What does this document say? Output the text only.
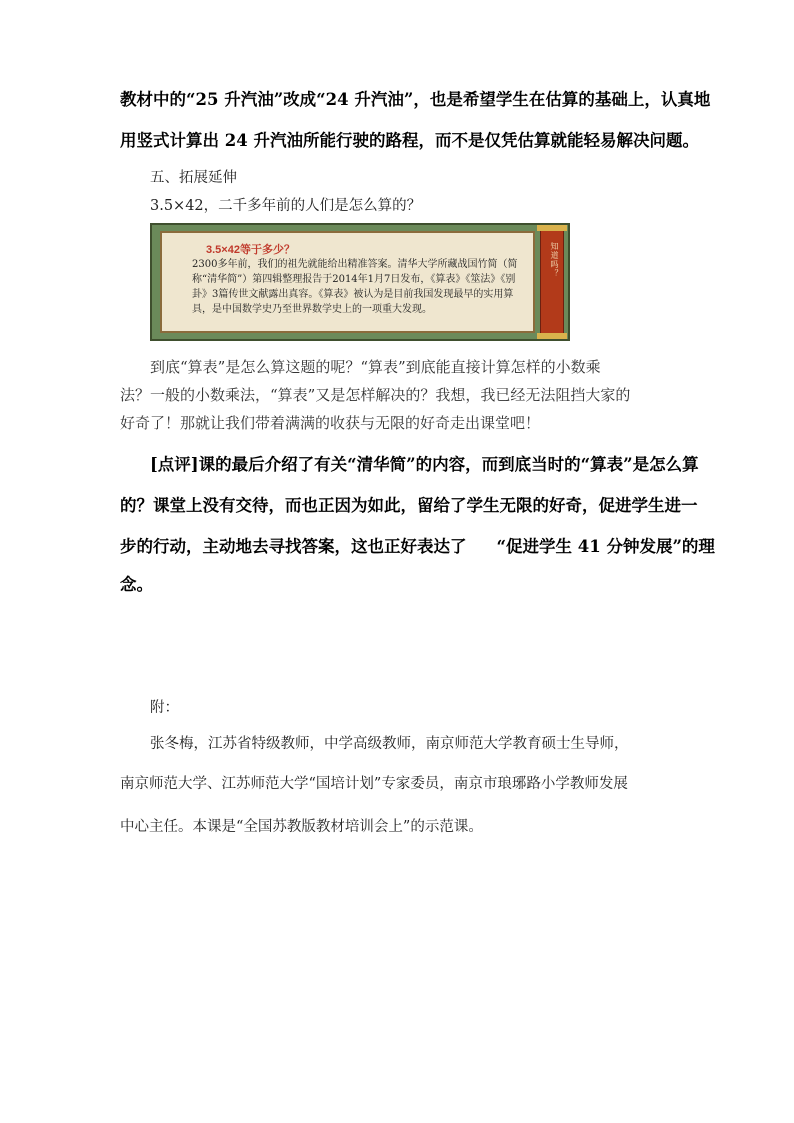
教材中的“25 升汽油”改成“24 升汽油”，也是希望学生在估算的基础上，认真地
用竖式计算出 24 升汽油所能行驶的路程，而不是仅凭估算就能轻易解决问题。
五、拓展延伸
3.5×42，二千多年前的人们是怎么算的？
3.5×42等于多少？
2300多年前，我们的祖先就能给出精准答案。清华大学所藏战国竹简（简称“清华简”）第四辑整理报告于2014年1月7日发布，《算表》《筮法》《别卦》3篇传世文献露出真容。《算表》被认为是目前我国发现最早的实用算具，是中国数学史乃至世界数学史上的一项重大发现。
知道吗？
到底“算表”是怎么算这题的呢？“算表”到底能直接计算怎样的小数乘
法？一般的小数乘法，“算表”又是怎样解决的？我想，我已经无法阻挡大家的
好奇了！那就让我们带着满满的收获与无限的好奇走出课堂吧！
[点评]课的最后介绍了有关“清华简”的内容，而到底当时的“算表”是怎么算
的？课堂上没有交待，而也正因为如此，留给了学生无限的好奇，促进学生进一
步的行动，主动地去寻找答案，这也正好表达了 “促进学生 41 分钟发展”的理
念。
附：
张冬梅，江苏省特级教师，中学高级教师，南京师范大学教育硕士生导师，
南京师范大学、江苏师范大学“国培计划”专家委员，南京市琅琊路小学教师发展
中心主任。本课是“全国苏教版教材培训会上”的示范课。
